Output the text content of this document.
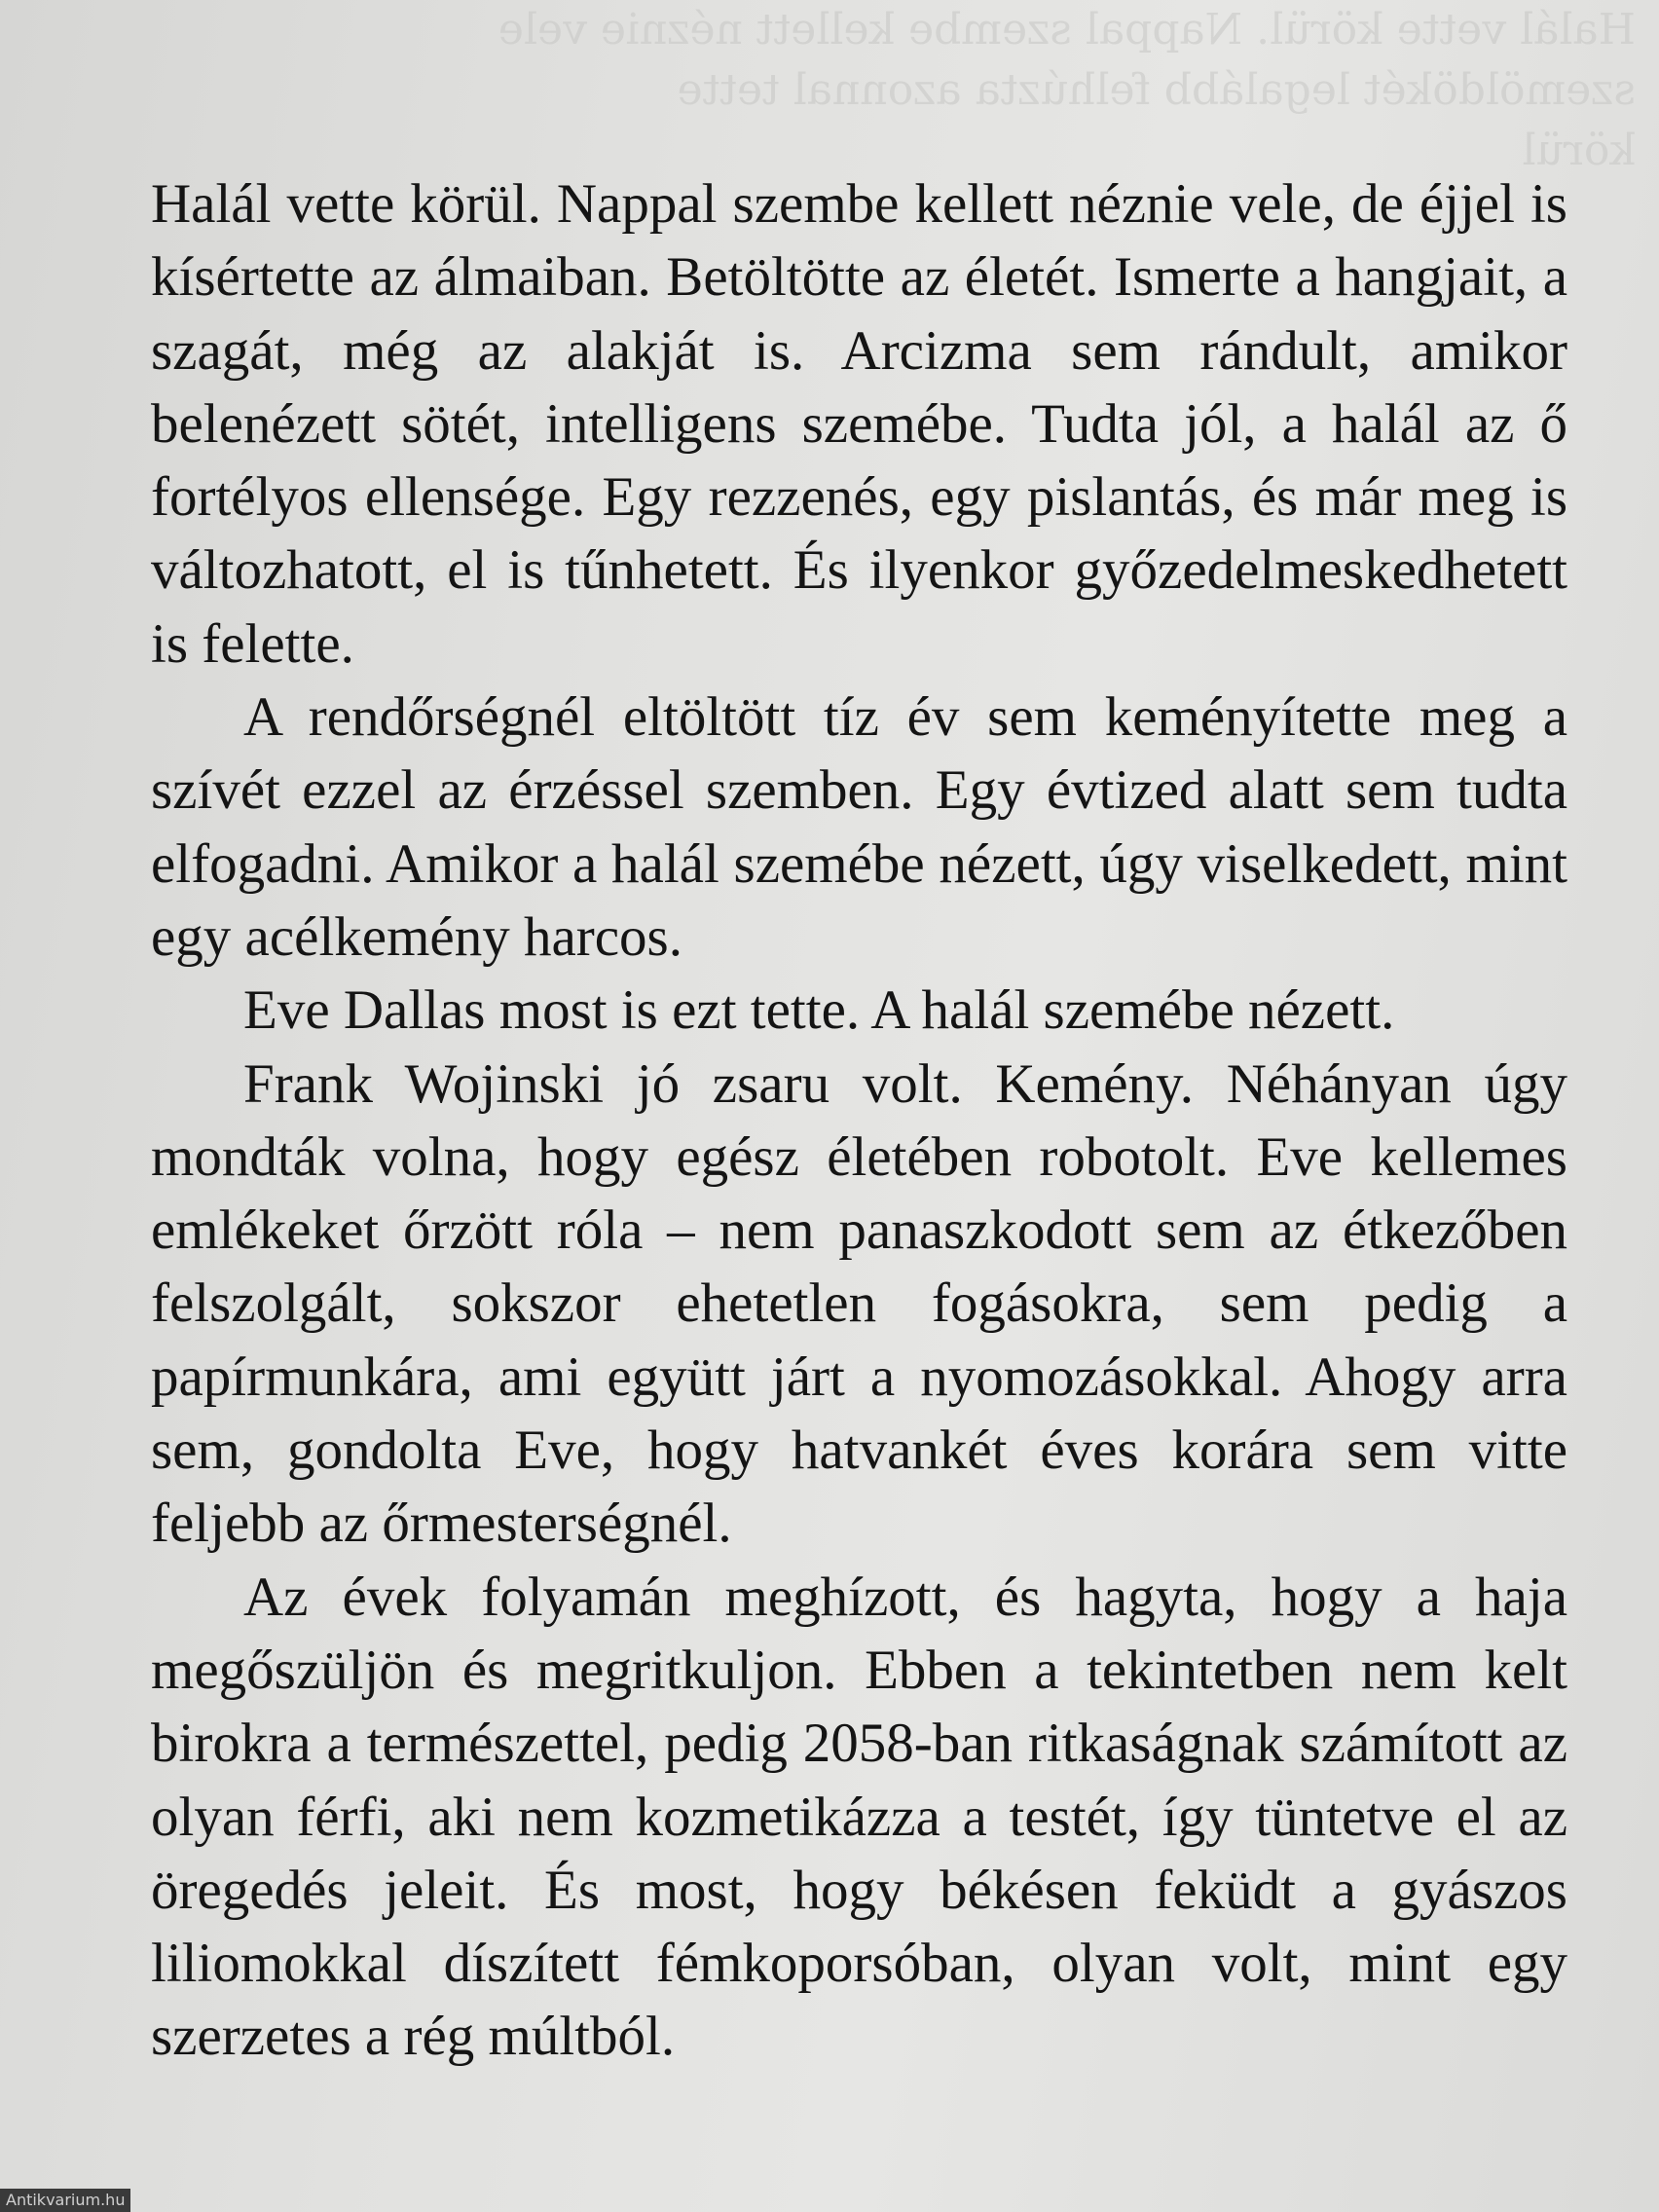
Halál vette körül. Nappal szembe kellett néznie vele
szemöldökét legalább felhúzta azonnal tette
körül

Halál vette körül. Nappal szembe kellett néznie vele, de éjjel is kísértette az álmaiban. Betöltötte az életét. Ismerte a hangjait, a szagát, még az alakját is. Arcizma sem rándult, amikor belenézett sötét, intelligens szemébe. Tudta jól, a halál az ő fortélyos ellensége. Egy rezzenés, egy pislantás, és már meg is változhatott, el is tűnhetett. És ilyenkor győzedelmeskedhetett is felette.

A rendőrségnél eltöltött tíz év sem keményítette meg a szívét ezzel az érzéssel szemben. Egy évtized alatt sem tudta elfogadni. Amikor a halál szemébe nézett, úgy viselkedett, mint egy acélkemény harcos.

Eve Dallas most is ezt tette. A halál szemébe nézett.

Frank Wojinski jó zsaru volt. Kemény. Néhányan úgy mondták volna, hogy egész életében robotolt. Eve kellemes emlékeket őrzött róla – nem panaszkodott sem az étkezőben felszolgált, sokszor ehetetlen fogásokra, sem pedig a papírmunkára, ami együtt járt a nyomozásokkal. Ahogy arra sem, gondolta Eve, hogy hatvankét éves korára sem vitte feljebb az őrmesterségnél.

Az évek folyamán meghízott, és hagyta, hogy a haja megőszüljön és megritkuljon. Ebben a tekintetben nem kelt birokra a természettel, pedig 2058-ban ritkaságnak számított az olyan férfi, aki nem kozmetikázza a testét, így tüntetve el az öregedés jeleit. És most, hogy békésen feküdt a gyászos liliomokkal díszített fémkoporsóban, olyan volt, mint egy szerzetes a rég múltból.

Antikvarium.hu
